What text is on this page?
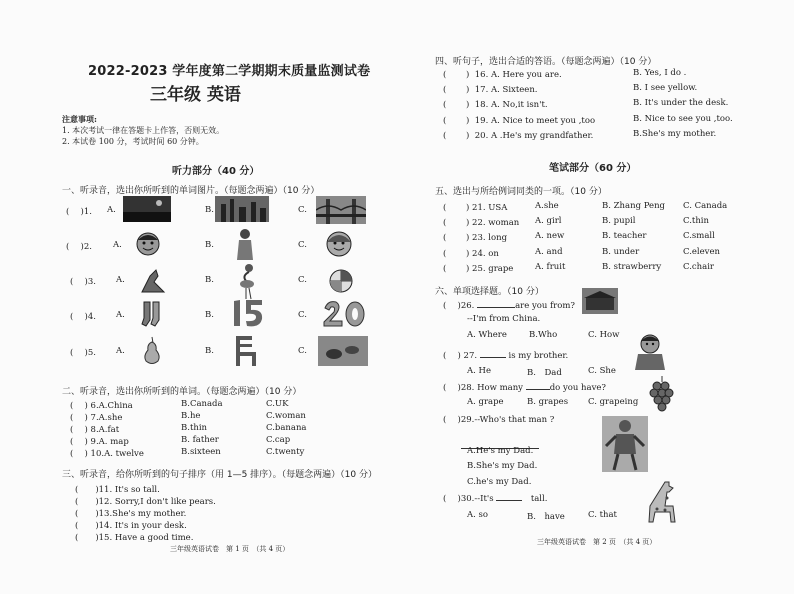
2022-2023 学年度第二学期期末质量监测试卷
三年级 英语
注意事项:
1. 本次考试一律在答题卡上作答，否则无效。
2. 本试卷 100 分，考试时间 60 分钟。
听力部分（40 分）
一、听录音，选出你所听到的单词图片。（每题念两遍）（10 分）
(　 )1. A.	B.	C.
(　 )2. A.	B.	C.
(　 )3. A.	B.	C.
(　 )4. A.	B.	C.
(　 )5. A.	B.	C.
二、听录音，选出你所听到的单词。（每题念两遍）（10 分）
(　 ) 6.A.China	B.Canada	C.UK
(　 ) 7.A.she	B.he	C.woman
(　 ) 8.A.fat	B.thin	C.banana
(　 ) 9.A. map	B. father	C.cap
(　 ) 10.A. twelve	B.sixteen	C.twenty
三、听录音，给你所听到的句子排序（用 1—5 排序）。（每题念两遍）（10 分）
(　　)11. It's so tall.
(　　)12. Sorry,I don't like pears.
(　　)13.She's my mother.
(　　)14. It's in your desk.
(　　)15. Have a good time.
三年级英语试卷　第 1 页　（共 4 页）
四、听句子，选出合适的答语。（每题念两遍）（10 分）
(　　 )  16. A. Here you are.	B. Yes, I do .
(　　 )  17. A. Sixteen.	B. I see yellow.
(　　 )  18. A. No,it isn't.	B. It's under the desk.
(　　 )  19. A. Nice to meet you ,too	B. Nice to see you ,too.
(　　 )  20. A .He's my grandfather.	B.She's my mother.
笔试部分（60 分）
五、选出与所给例词同类的一项。（10 分）
(　　 ) 21. USA	A.she	B. Zhang Peng C. Canada
(　　 ) 22. woman A. girl	B. pupil	C.thin
(　　 ) 23. long	A. new	B. teacher	C.small
(　　 ) 24. on	A. and	B. under	C.eleven
(　　 ) 25. grape	A. fruit	B. strawberry	C.chair
六、单项选择题。（10 分）
(　 )26.	are you from?
--I'm from China.
A. Where	B.Who	C. How
(　 ) 27.	is my brother.
A. He	B.　Dad	C. She
(　 )28. How many	do you have?
A. grape	B. grapes C. grapeing
(　 )29.--Who's that man ?
A.He's my Dad.
B.She's my Dad.
C.he's my Dad.
(　 )30.--It's 　	tall.
A. so	B.　have	C. that
三年级英语试卷　第 2 页　（共 4 页）
